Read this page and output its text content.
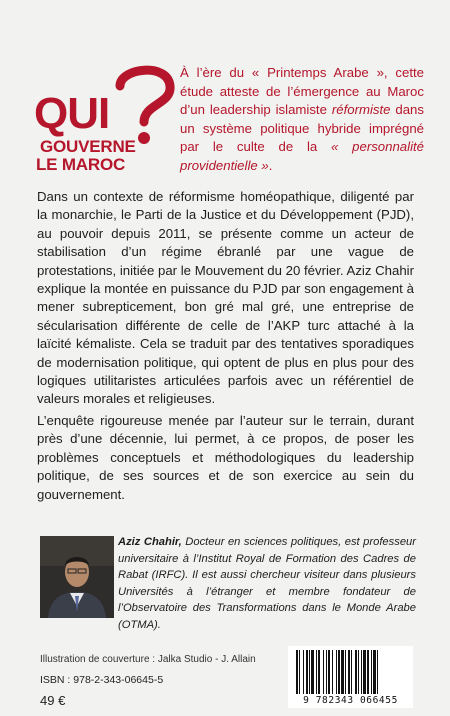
QUI
GOUVERNE
LE MAROC

À l’ère du « Printemps Arabe », cette étude atteste de l’émergence au Maroc d’un leadership islamiste réformiste dans un système politique hybride imprégné par le culte de la « personnalité providentielle ».

Dans un contexte de réformisme homéopathique, diligenté par la monarchie, le Parti de la Justice et du Développement (PJD), au pouvoir depuis 2011, se présente comme un acteur de stabilisation d’un régime ébranlé par une vague de protestations, initiée par le Mouvement du 20 février. Aziz Chahir explique la montée en puissance du PJD par son engagement à mener subrepticement, bon gré mal gré, une entreprise de sécularisation différente de celle de l’AKP turc attaché à la laïcité kémaliste. Cela se traduit par des tentatives sporadiques de modernisation politique, qui optent de plus en plus pour des logiques utilitaristes articulées parfois avec un référentiel de valeurs morales et religieuses.

L’enquête rigoureuse menée par l’auteur sur le terrain, durant près d’une décennie, lui permet, à ce propos, de poser les problèmes conceptuels et méthodologiques du leadership politique, de ses sources et de son exercice au sein du gouvernement.

Aziz Chahir, Docteur en sciences politiques, est professeur universitaire à l’Institut Royal de Formation des Cadres de Rabat (IRFC). Il est aussi chercheur visiteur dans plusieurs Universités à l’étranger et membre fondateur de l’Observatoire des Transformations dans le Monde Arabe (OTMA).

Illustration de couverture : Jalka Studio - J. Allain
ISBN : 978-2-343-06645-5
49 €	9 782343 066455
